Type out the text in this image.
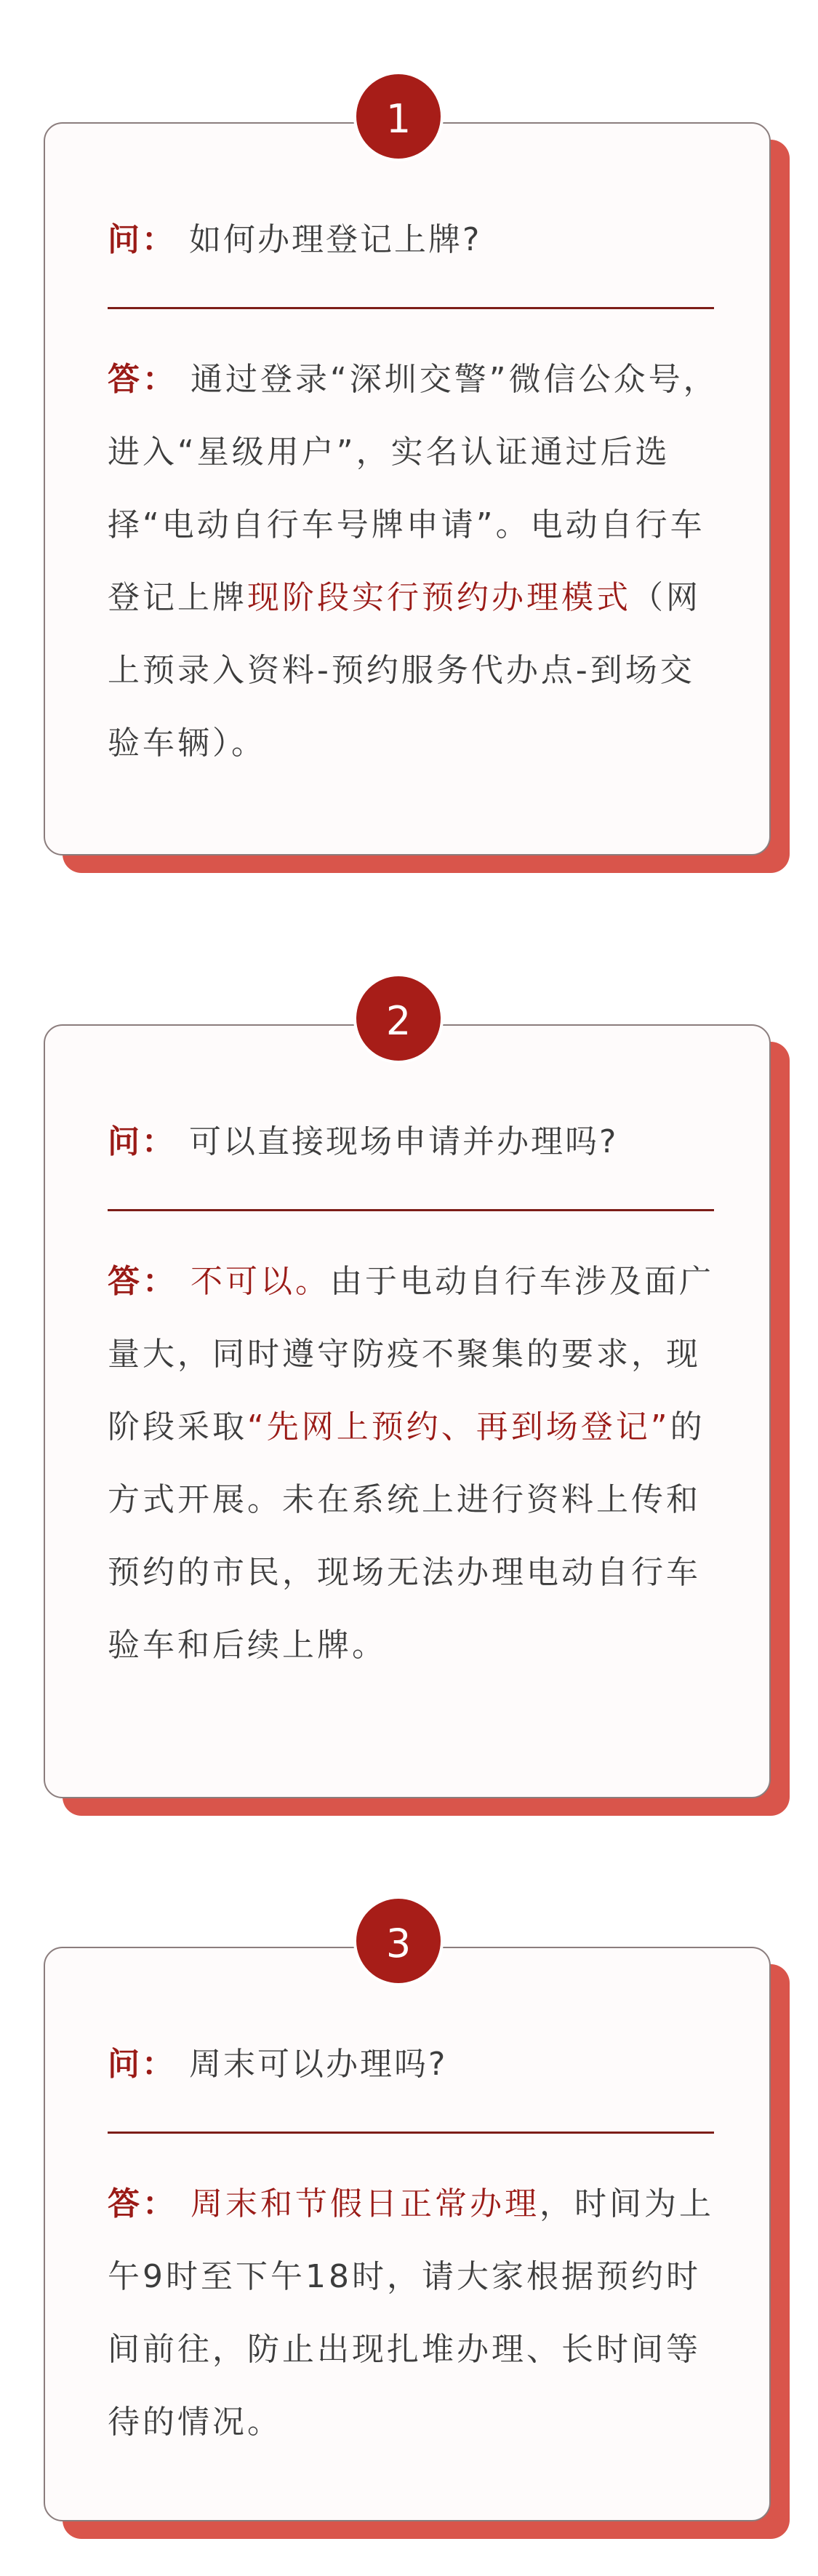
1
问： 如何办理登记上牌?
答： 通过登录“深圳交警”微信公众号，进入“星级用户”，实名认证通过后选择“电动自行车号牌申请”。电动自行车登记上牌现阶段实行预约办理模式（网上预录入资料-预约服务代办点-到场交验车辆）。
2
问： 可以直接现场申请并办理吗?
答： 不可以。由于电动自行车涉及面广量大，同时遵守防疫不聚集的要求，现阶段采取“先网上预约、再到场登记”的方式开展。未在系统上进行资料上传和预约的市民，现场无法办理电动自行车验车和后续上牌。
3
问： 周末可以办理吗?
答： 周末和节假日正常办理，时间为上午9时至下午18时，请大家根据预约时间前往，防止出现扎堆办理、长时间等待的情况。
